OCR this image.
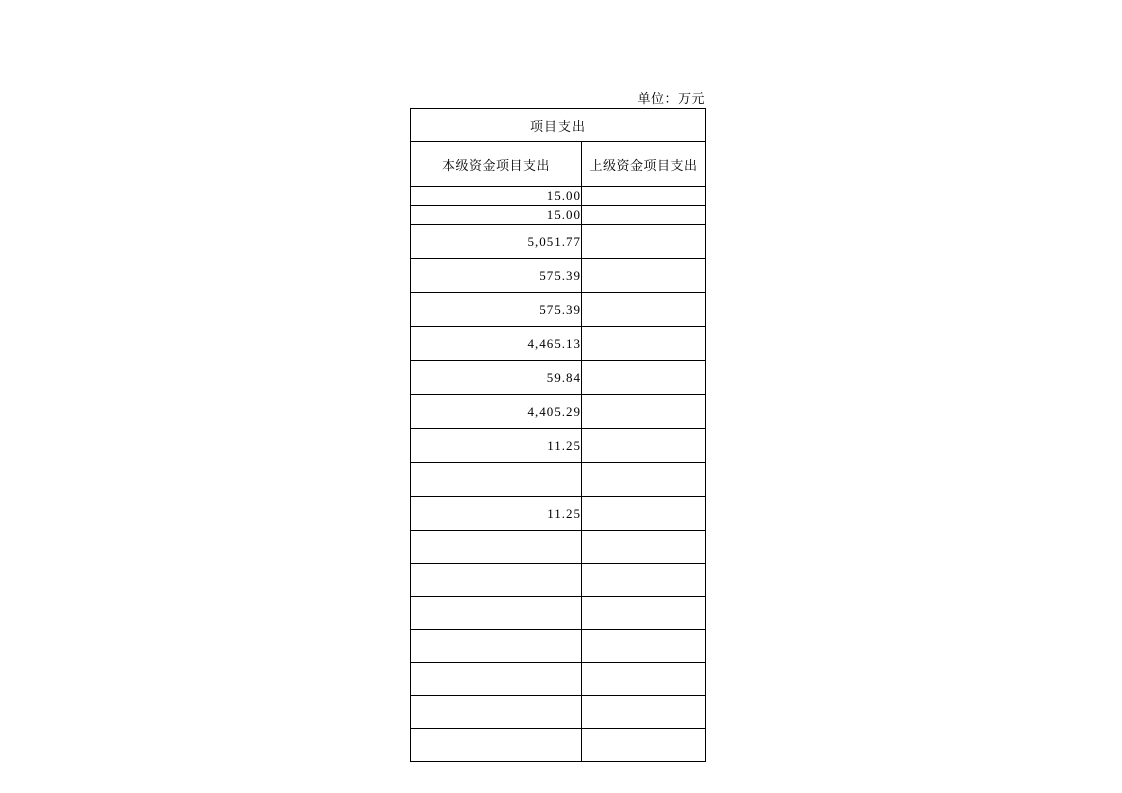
单位：万元
项目支出	
本级资金项目支出	上级资金项目支出
15.00	
15.00	
5,051.77	
575.39	
575.39	
4,465.13	
59.84	
4,405.29	
11.25	

11.25	
